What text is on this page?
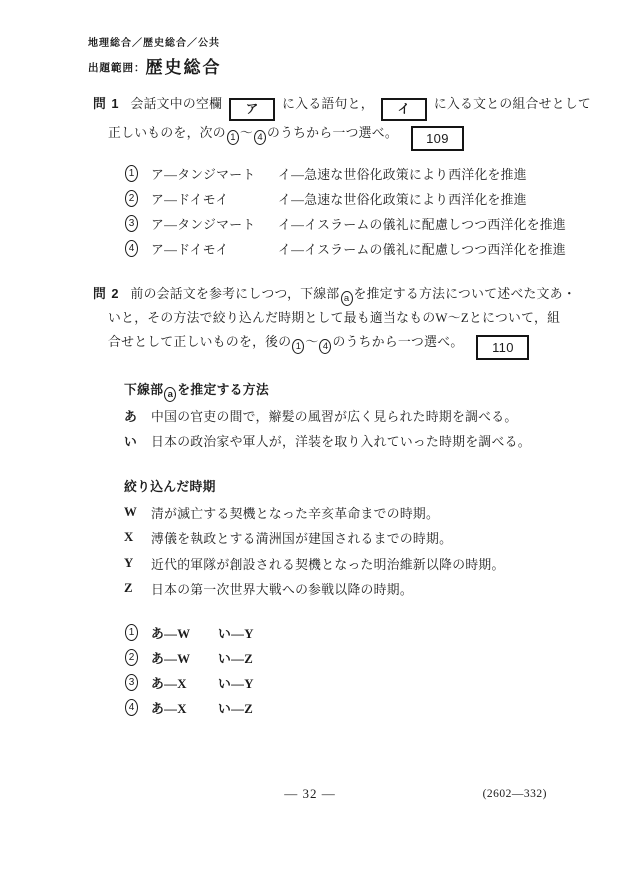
地理総合／歴史総合／公共
出題範囲：歴史総合
問 1 会話文中の空欄 ア に入る語句と， イ に入る文との組合せとして
正しいものを，次の 1 ～ 4 のうちから一つ選べ。 109
1 ア―タンジマート	イ―急速な世俗化政策により西洋化を推進
2 ア―ドイモイ	イ―急速な世俗化政策により西洋化を推進
3 ア―タンジマート	イ―イスラームの儀礼に配慮しつつ西洋化を推進
4 ア―ドイモイ	イ―イスラームの儀礼に配慮しつつ西洋化を推進
問 2 前の会話文を参考にしつつ，下線部 a を推定する方法について述べた文あ・
いと，その方法で絞り込んだ時期として最も適当なものW～Zとについて，組
合せとして正しいものを，後の 1 ～ 4 のうちから一つ選べ。 110
下線部 a を推定する方法
あ 中国の官吏の間で，辮髪の風習が広く見られた時期を調べる。
い 日本の政治家や軍人が，洋装を取り入れていった時期を調べる。
絞り込んだ時期
W 清が滅亡する契機となった辛亥革命までの時期。
X	溥儀を執政とする満洲国が建国されるまでの時期。
Y	近代的軍隊が創設される契機となった明治維新以降の時期。
Z	日本の第一次世界大戦への参戦以降の時期。
1 あ―W	い―Y
2 あ―W	い―Z
3 あ―X	い―Y
4 あ―X	い―Z
― 32 ―	(2602―332)
